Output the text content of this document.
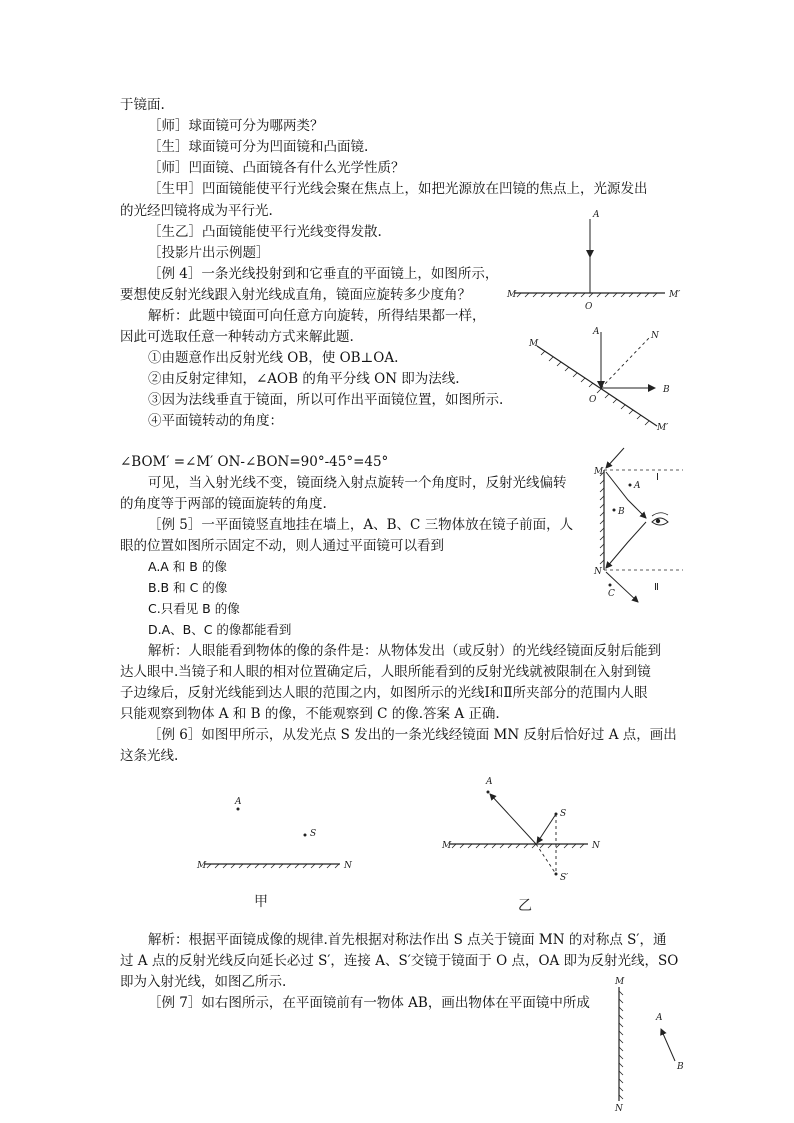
于镜面.
［师］球面镜可分为哪两类？
［生］球面镜可分为凹面镜和凸面镜.
［师］凹面镜、凸面镜各有什么光学性质？
［生甲］凹面镜能使平行光线会聚在焦点上，如把光源放在凹镜的焦点上，光源发出
的光经凹镜将成为平行光.
［生乙］凸面镜能使平行光线变得发散.
［投影片出示例题］
［例 4］一条光线投射到和它垂直的平面镜上，如图所示，
要想使反射光线跟入射光线成直角，镜面应旋转多少度角？
解析：此题中镜面可向任意方向旋转，所得结果都一样，
因此可选取任意一种转动方式来解此题.
①由题意作出反射光线 OB，使 OB⊥OA.
②由反射定律知，∠AOB 的角平分线 ON 即为法线.
③因为法线垂直于镜面，所以可作出平面镜位置，如图所示.
④平面镜转动的角度：
∠BOM′ =∠M′ ON-∠BON=90°-45°=45°
可见，当入射光线不变，镜面绕入射点旋转一个角度时，反射光线偏转
的角度等于两部的镜面旋转的角度.
［例 5］一平面镜竖直地挂在墙上，A、B、C 三物体放在镜子前面，人
眼的位置如图所示固定不动，则人通过平面镜可以看到
A.A 和 B 的像
B.B 和 C 的像
C.只看见 B 的像
D.A、B、C 的像都能看到
解析：人眼能看到物体的像的条件是：从物体发出（或反射）的光线经镜面反射后能到
达人眼中.当镜子和人眼的相对位置确定后，人眼所能看到的反射光线就被限制在入射到镜
子边缘后，反射光线能到达人眼的范围之内，如图所示的光线Ⅰ和Ⅱ所夹部分的范围内人眼
只能观察到物体 A 和 B 的像，不能观察到 C 的像.答案 A 正确.
［例 6］如图甲所示，从发光点 S 发出的一条光线经镜面 MN 反射后恰好过 A 点，画出
这条光线.
解析：根据平面镜成像的规律.首先根据对称法作出 S 点关于镜面 MN 的对称点 S′，通
过 A 点的反射光线反向延长必过 S′，连接 A、S′交镜于镜面于 O 点，OA 即为反射光线，SO
即为入射光线，如图乙所示.
［例 7］如右图所示，在平面镜前有一物体 AB，画出物体在平面镜中所成
A
M
O
M′
A	N
M
B
O
M′
Ⅰ
M
A
B
N
C
Ⅱ
A
S
M	N
甲
A
S
M	N
S′
乙
M
A
B
N
